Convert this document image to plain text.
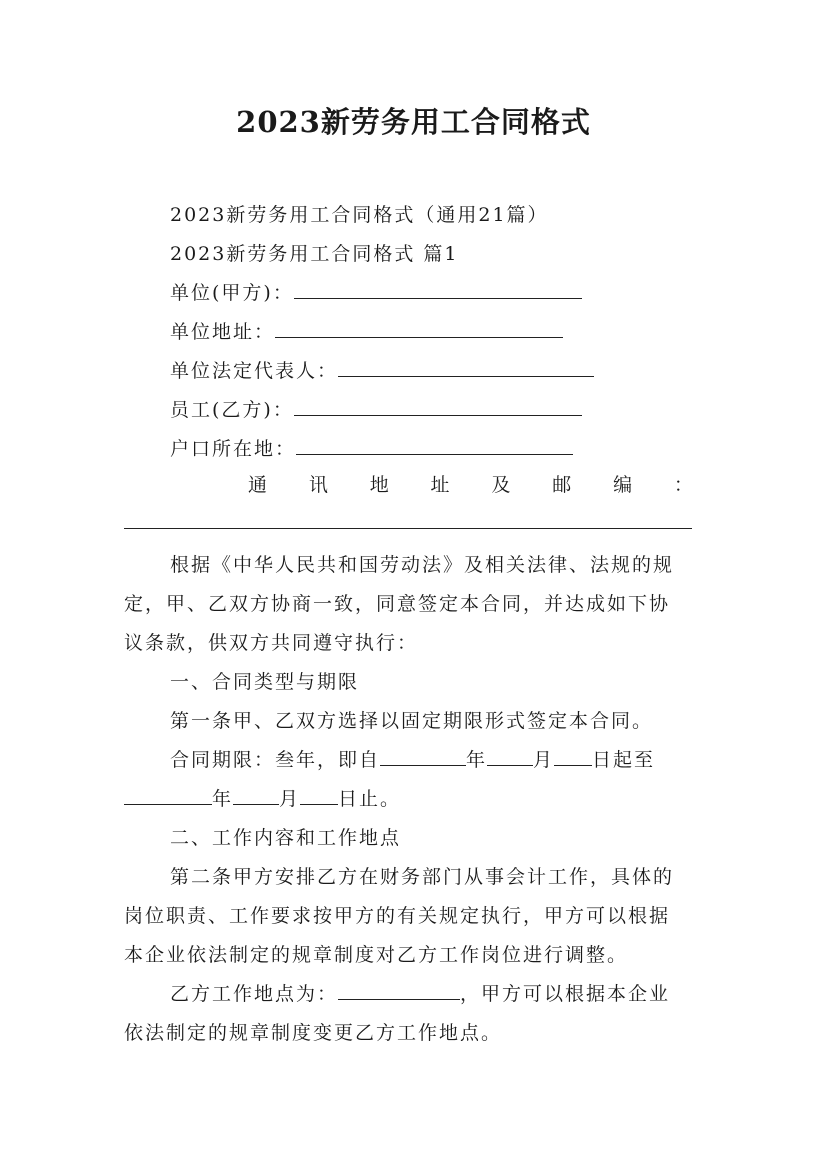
2023新劳务用工合同格式
2023新劳务用工合同格式（通用21篇）
2023新劳务用工合同格式 篇1
单位(甲方)：
单位地址：
单位法定代表人：
员工(乙方)：
户口所在地：
通 讯 地 址 及 邮 编 ：
根据《中华人民共和国劳动法》及相关法律、法规的规
定，甲、乙双方协商一致，同意签定本合同，并达成如下协
议条款，供双方共同遵守执行：
一、合同类型与期限
第一条甲、乙双方选择以固定期限形式签定本合同。
合同期限：叁年，即自	年 月 日起至
年 月 日止。
二、工作内容和工作地点
第二条甲方安排乙方在财务部门从事会计工作，具体的
岗位职责、工作要求按甲方的有关规定执行，甲方可以根据
本企业依法制定的规章制度对乙方工作岗位进行调整。
乙方工作地点为：	，甲方可以根据本企业
依法制定的规章制度变更乙方工作地点。
